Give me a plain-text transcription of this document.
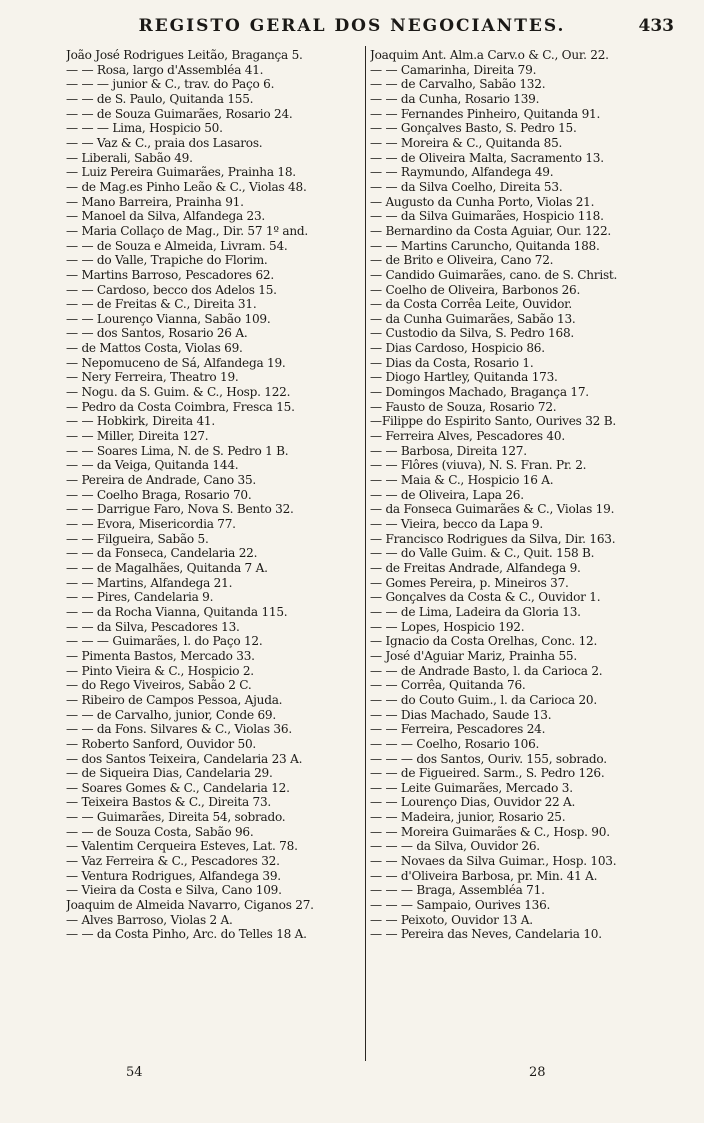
REGISTO GERAL DOS NEGOCIANTES.	433
João José Rodrigues Leitão, Bragança 5.
— — Rosa, largo d'Assembléa 41.
— — — junior & C., trav. do Paço 6.
— — de S. Paulo, Quitanda 155.
— — de Souza Guimarães, Rosario 24.
— — — Lima, Hospicio 50.
— — Vaz & C., praia dos Lasaros.
— Liberali, Sabão 49.
— Luiz Pereira Guimarães, Prainha 18.
— de Mag.es Pinho Leão & C., Violas 48.
— Mano Barreira, Prainha 91.
— Manoel da Silva, Alfandega 23.
— Maria Collaço de Mag., Dir. 57 1º and.
— — de Souza e Almeida, Livram. 54.
— — do Valle, Trapiche do Florim.
— Martins Barroso, Pescadores 62.
— — Cardoso, becco dos Adelos 15.
— — de Freitas & C., Direita 31.
— — Lourenço Vianna, Sabão 109.
— — dos Santos, Rosario 26 A.
— de Mattos Costa, Violas 69.
— Nepomuceno de Sá, Alfandega 19.
— Nery Ferreira, Theatro 19.
— Nogu. da S. Guim. & C., Hosp. 122.
— Pedro da Costa Coimbra, Fresca 15.
— — Hobkirk, Direita 41.
— — Miller, Direita 127.
— — Soares Lima, N. de S. Pedro 1 B.
— — da Veiga, Quitanda 144.
— Pereira de Andrade, Cano 35.
— — Coelho Braga, Rosario 70.
— — Darrigue Faro, Nova S. Bento 32.
— — Evora, Misericordia 77.
— — Filgueira, Sabão 5.
— — da Fonseca, Candelaria 22.
— — de Magalhães, Quitanda 7 A.
— — Martins, Alfandega 21.
— — Pires, Candelaria 9.
— — da Rocha Vianna, Quitanda 115.
— — da Silva, Pescadores 13.
— — — Guimarães, l. do Paço 12.
— Pimenta Bastos, Mercado 33.
— Pinto Vieira & C., Hospicio 2.
— do Rego Viveiros, Sabão 2 C.
— Ribeiro de Campos Pessoa, Ajuda.
— — de Carvalho, junior, Conde 69.
— — da Fons. Silvares & C., Violas 36.
— Roberto Sanford, Ouvidor 50.
— dos Santos Teixeira, Candelaria 23 A.
— de Siqueira Dias, Candelaria 29.
— Soares Gomes & C., Candelaria 12.
— Teixeira Bastos & C., Direita 73.
— — Guimarães, Direita 54, sobrado.
— — de Souza Costa, Sabão 96.
— Valentim Cerqueira Esteves, Lat. 78.
— Vaz Ferreira & C., Pescadores 32.
— Ventura Rodrigues, Alfandega 39.
— Vieira da Costa e Silva, Cano 109.
Joaquim de Almeida Navarro, Ciganos 27.
— Alves Barroso, Violas 2 A.
— — da Costa Pinho, Arc. do Telles 18 A.
Joaquim Ant. Alm.a Carv.o & C., Our. 22.
— — Camarinha, Direita 79.
— — de Carvalho, Sabão 132.
— — da Cunha, Rosario 139.
— — Fernandes Pinheiro, Quitanda 91.
— — Gonçalves Basto, S. Pedro 15.
— — Moreira & C., Quitanda 85.
— — de Oliveira Malta, Sacramento 13.
— — Raymundo, Alfandega 49.
— — da Silva Coelho, Direita 53.
— Augusto da Cunha Porto, Violas 21.
— — da Silva Guimarães, Hospicio 118.
— Bernardino da Costa Aguiar, Our. 122.
— — Martins Caruncho, Quitanda 188.
— de Brito e Oliveira, Cano 72.
— Candido Guimarães, cano. de S. Christ.
— Coelho de Oliveira, Barbonos 26.
— da Costa Corrêa Leite, Ouvidor.
— da Cunha Guimarães, Sabão 13.
— Custodio da Silva, S. Pedro 168.
— Dias Cardoso, Hospicio 86.
— Dias da Costa, Rosario 1.
— Diogo Hartley, Quitanda 173.
— Domingos Machado, Bragança 17.
— Fausto de Souza, Rosario 72.
—Filippe do Espirito Santo, Ourives 32 B.
— Ferreira Alves, Pescadores 40.
— — Barbosa, Direita 127.
— — Flôres (viuva), N. S. Fran. Pr. 2.
— — Maia & C., Hospicio 16 A.
— — de Oliveira, Lapa 26.
— da Fonseca Guimarães & C., Violas 19.
— — Vieira, becco da Lapa 9.
— Francisco Rodrigues da Silva, Dir. 163.
— — do Valle Guim. & C., Quit. 158 B.
— de Freitas Andrade, Alfandega 9.
— Gomes Pereira, p. Mineiros 37.
— Gonçalves da Costa & C., Ouvidor 1.
— — de Lima, Ladeira da Gloria 13.
— — Lopes, Hospicio 192.
— Ignacio da Costa Orelhas, Conc. 12.
— José d'Aguiar Mariz, Prainha 55.
— — de Andrade Basto, l. da Carioca 2.
— — Corrêa, Quitanda 76.
— — do Couto Guim., l. da Carioca 20.
— — Dias Machado, Saude 13.
— — Ferreira, Pescadores 24.
— — — Coelho, Rosario 106.
— — — dos Santos, Ouriv. 155, sobrado.
— — de Figueired. Sarm., S. Pedro 126.
— — Leite Guimarães, Mercado 3.
— — Lourenço Dias, Ouvidor 22 A.
— — Madeira, junior, Rosario 25.
— — Moreira Guimarães & C., Hosp. 90.
— — — da Silva, Ouvidor 26.
— — Novaes da Silva Guimar., Hosp. 103.
— — d'Oliveira Barbosa, pr. Min. 41 A.
— — — Braga, Assembléa 71.
— — — Sampaio, Ourives 136.
— — Peixoto, Ouvidor 13 A.
— — Pereira das Neves, Candelaria 10.
54	28
